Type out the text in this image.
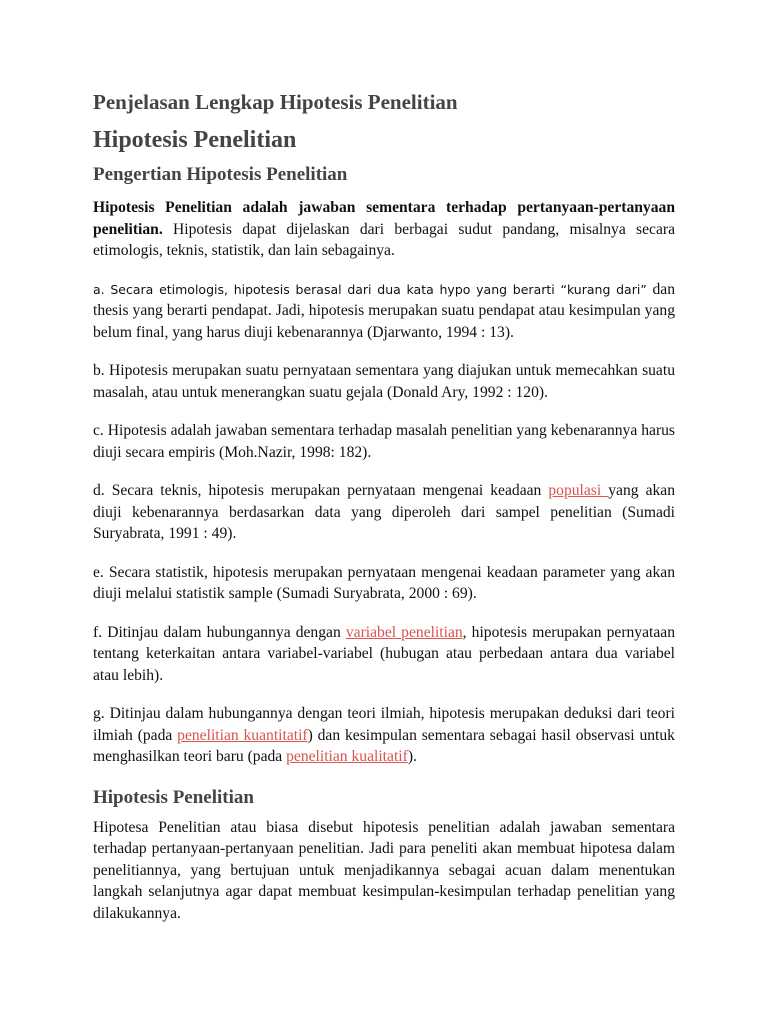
Penjelasan Lengkap Hipotesis Penelitian
Hipotesis Penelitian
Pengertian Hipotesis Penelitian

Hipotesis Penelitian adalah jawaban sementara terhadap pertanyaan-pertanyaan penelitian. Hipotesis dapat dijelaskan dari berbagai sudut pandang, misalnya secara etimologis, teknis, statistik, dan lain sebagainya.

a. Secara etimologis, hipotesis berasal dari dua kata hypo yang berarti “kurang dari” dan thesis yang berarti pendapat. Jadi, hipotesis merupakan suatu pendapat atau kesimpulan yang belum final, yang harus diuji kebenarannya (Djarwanto, 1994 : 13).

b. Hipotesis merupakan suatu pernyataan sementara yang diajukan untuk memecahkan suatu masalah, atau untuk menerangkan suatu gejala (Donald Ary, 1992 : 120).

c. Hipotesis adalah jawaban sementara terhadap masalah penelitian yang kebenarannya harus diuji secara empiris (Moh.Nazir, 1998: 182).

d. Secara teknis, hipotesis merupakan pernyataan mengenai keadaan populasi yang akan diuji kebenarannya berdasarkan data yang diperoleh dari sampel penelitian (Sumadi Suryabrata, 1991 : 49).

e. Secara statistik, hipotesis merupakan pernyataan mengenai keadaan parameter yang akan diuji melalui statistik sample (Sumadi Suryabrata, 2000 : 69).

f. Ditinjau dalam hubungannya dengan variabel penelitian, hipotesis merupakan pernyataan tentang keterkaitan antara variabel-variabel (hubugan atau perbedaan antara dua variabel atau lebih).

g. Ditinjau dalam hubungannya dengan teori ilmiah, hipotesis merupakan deduksi dari teori ilmiah (pada penelitian kuantitatif) dan kesimpulan sementara sebagai hasil observasi untuk menghasilkan teori baru (pada penelitian kualitatif).

Hipotesis Penelitian

Hipotesa Penelitian atau biasa disebut hipotesis penelitian adalah jawaban sementara terhadap pertanyaan-pertanyaan penelitian. Jadi para peneliti akan membuat hipotesa dalam penelitiannya, yang bertujuan untuk menjadikannya sebagai acuan dalam menentukan langkah selanjutnya agar dapat membuat kesimpulan-kesimpulan terhadap penelitian yang dilakukannya.
